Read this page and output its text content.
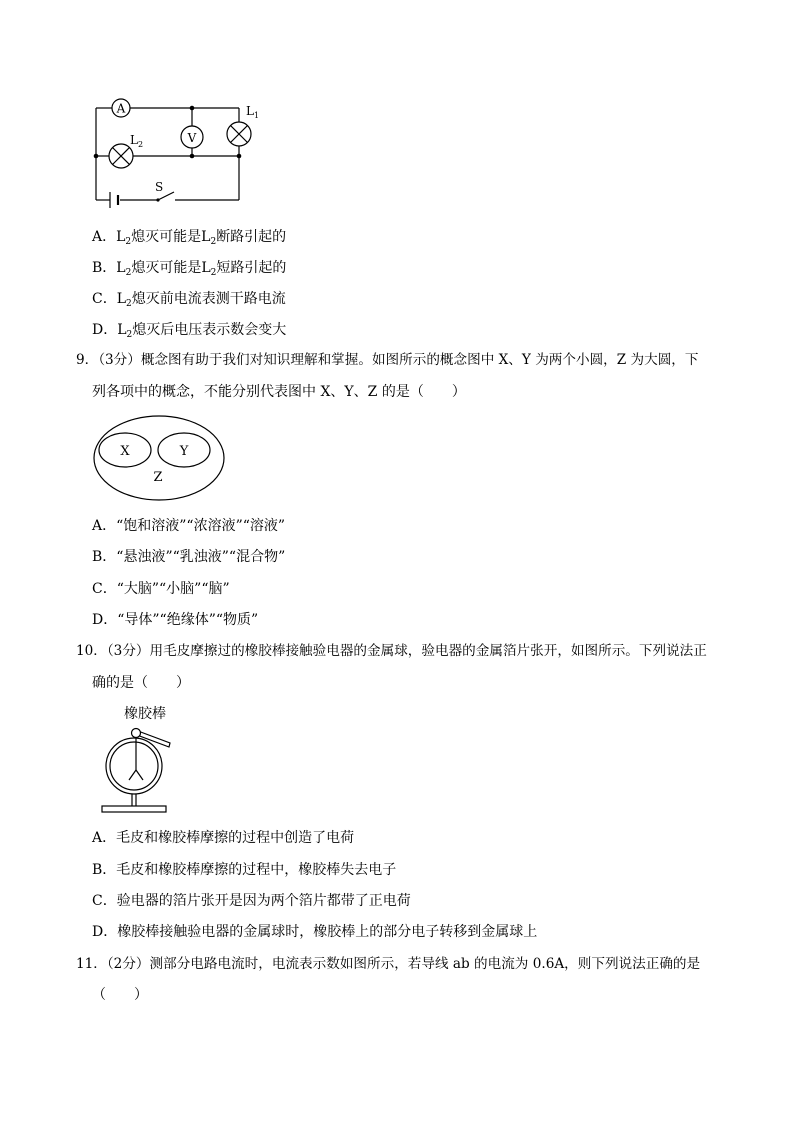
A
V
$L_1$
$L_2$
S
A．$L_2$熄灭可能是$L_2$断路引起的
B．$L_2$熄灭可能是$L_2$短路引起的
C．$L_2$熄灭前电流表测干路电流
D．$L_2$熄灭后电压表示数会变大
9．（3分）概念图有助于我们对知识理解和掌握。如图所示的概念图中 X、Y 为两个小圆，Z 为大圆，下
列各项中的概念，不能分别代表图中 X、Y、Z 的是（　　）
X	Y
Z
A．“饱和溶液”“浓溶液”“溶液”
B．“悬浊液”“乳浊液”“混合物”
C．“大脑”“小脑”“脑”
D．“导体”“绝缘体”“物质”
10．（3分）用毛皮摩擦过的橡胶棒接触验电器的金属球，验电器的金属箔片张开，如图所示。下列说法正
确的是（　　）
橡胶棒
A．毛皮和橡胶棒摩擦的过程中创造了电荷
B．毛皮和橡胶棒摩擦的过程中，橡胶棒失去电子
C．验电器的箔片张开是因为两个箔片都带了正电荷
D．橡胶棒接触验电器的金属球时，橡胶棒上的部分电子转移到金属球上
11．（2分）测部分电路电流时，电流表示数如图所示，若导线 ab 的电流为 0.6A，则下列说法正确的是
（　　）
